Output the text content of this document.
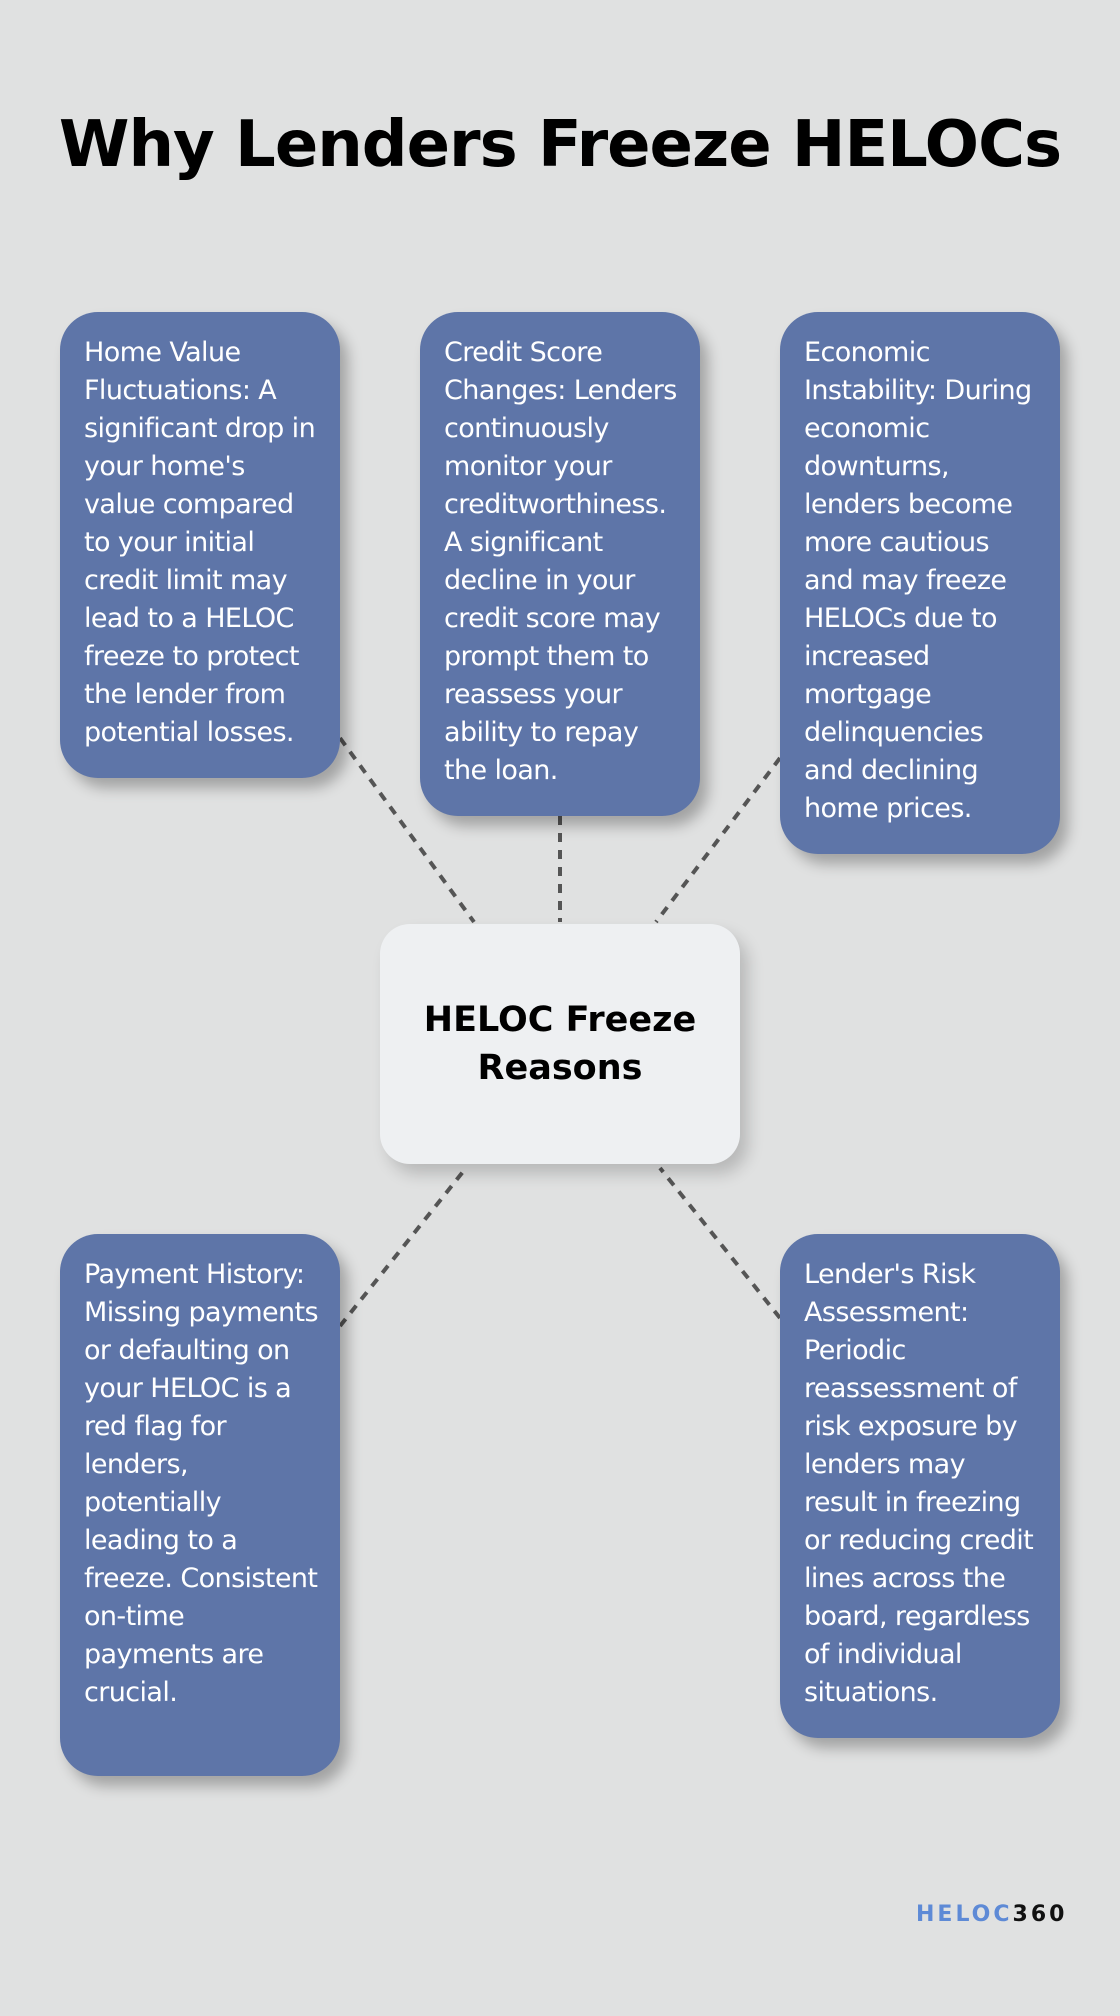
Why Lenders Freeze HELOCs
Home Value Fluctuations: A significant drop in your home's value compared to your initial credit limit may lead to a HELOC freeze to protect the lender from potential losses.
Credit Score Changes: Lenders continuously monitor your creditworthiness. A significant decline in your credit score may prompt them to reassess your ability to repay the loan.
Economic Instability: During economic downturns, lenders become more cautious and may freeze HELOCs due to increased mortgage delinquencies and declining home prices.
HELOC Freeze Reasons
Payment History: Missing payments or defaulting on your HELOC is a red flag for lenders, potentially leading to a freeze. Consistent on-time payments are crucial.
Lender's Risk Assessment: Periodic reassessment of risk exposure by lenders may result in freezing or reducing credit lines across the board, regardless of individual situations.
HELOC360
